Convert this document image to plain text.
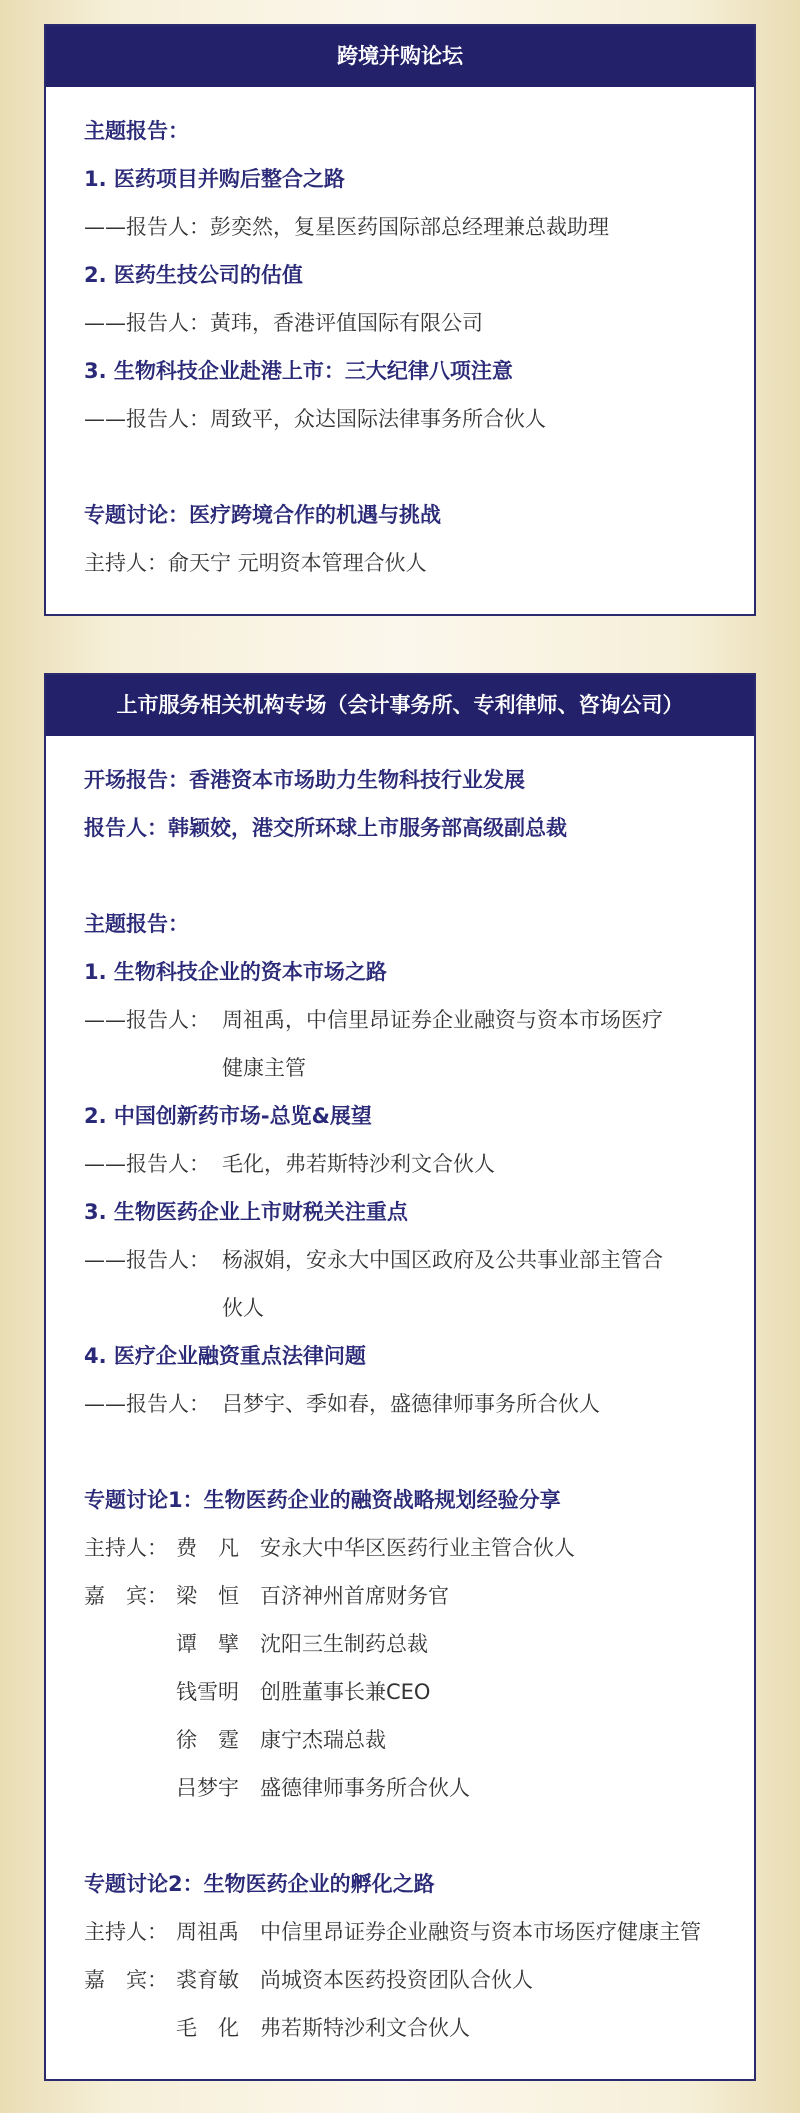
跨境并购论坛
主题报告：
1. 医药项目并购后整合之路
——报告人：彭奕然，复星医药国际部总经理兼总裁助理
2. 医药生技公司的估值
——报告人：黃玮，香港评值国际有限公司
3. 生物科技企业赴港上市：三大纪律八项注意
——报告人：周致平，众达国际法律事务所合伙人
专题讨论：医疗跨境合作的机遇与挑战
主持人：俞天宁 元明资本管理合伙人
上市服务相关机构专场（会计事务所、专利律师、咨询公司）
开场报告：香港资本市场助力生物科技行业发展
报告人：韩颖姣，港交所环球上市服务部高级副总裁
主题报告：
1. 生物科技企业的资本市场之路
——报告人： 周祖禹，中信里昂证券企业融资与资本市场医疗
健康主管
2. 中国创新药市场-总览&展望
——报告人： 毛化，弗若斯特沙利文合伙人
3. 生物医药企业上市财税关注重点
——报告人： 杨淑娟，安永大中国区政府及公共事业部主管合
伙人
4. 医疗企业融资重点法律问题
——报告人： 吕梦宇、季如春，盛德律师事务所合伙人
专题讨论1：生物医药企业的融资战略规划经验分享
主持人： 费　凡	安永大中华区医药行业主管合伙人
嘉　宾： 梁　恒	百济神州首席财务官
谭　擘	沈阳三生制药总裁
钱雪明	创胜董事长兼CEO
徐　霆	康宁杰瑞总裁
吕梦宇	盛德律师事务所合伙人
专题讨论2：生物医药企业的孵化之路
主持人： 周祖禹	中信里昂证券企业融资与资本市场医疗健康主管
嘉　宾： 裘育敏	尚城资本医药投资团队合伙人
毛　化	弗若斯特沙利文合伙人
